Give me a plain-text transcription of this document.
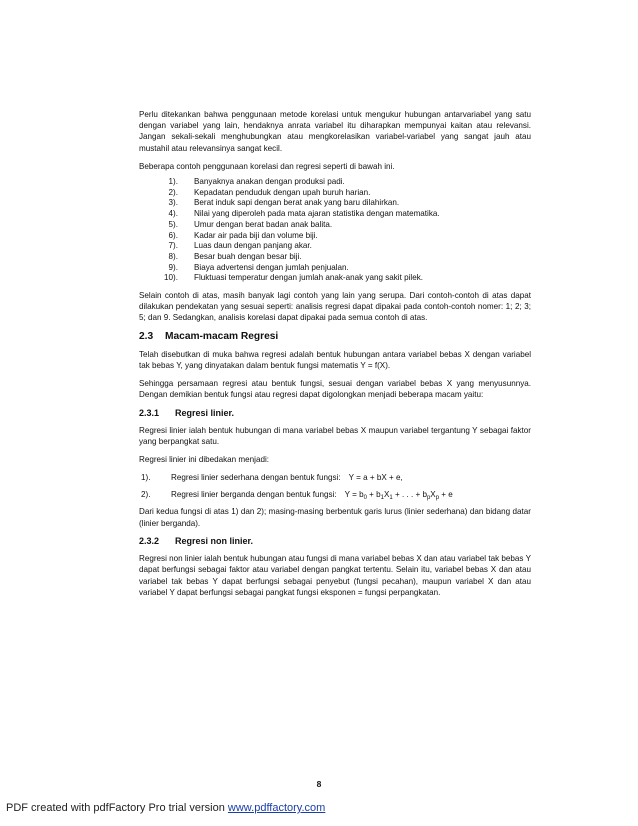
Perlu ditekankan bahwa penggunaan metode korelasi untuk mengukur hubungan antarvariabel yang satu dengan variabel yang lain, hendaknya anrata variabel itu diharapkan mempunyai kaitan atau relevansi. Jangan sekali-sekali menghubungkan atau mengkorelasikan variabel-variabel yang sangat jauh atau mustahil atau relevansinya sangat kecil.

Beberapa contoh penggunaan korelasi dan regresi seperti di bawah ini.

1).	Banyaknya anakan dengan produksi padi.
2).	Kepadatan penduduk dengan upah buruh harian.
3).	Berat induk sapi dengan berat anak yang baru dilahirkan.
4).	Nilai yang diperoleh pada mata ajaran statistika dengan matematika.
5).	Umur dengan berat badan anak balita.
6).	Kadar air pada biji dan volume biji.
7).	Luas daun dengan panjang akar.
8).	Besar buah dengan besar biji.
9).	Biaya advertensi dengan jumlah penjualan.
10).	Fluktuasi temperatur dengan jumlah anak-anak yang sakit pilek.

Selain contoh di atas, masih banyak lagi contoh yang lain yang serupa. Dari contoh-contoh di atas dapat dilakukan pendekatan yang sesuai seperti: analisis regresi dapat dipakai pada contoh-contoh nomer: 1; 2; 3; 5; dan 9. Sedangkan, analisis korelasi dapat dipakai pada semua contoh di atas.

2.3	Macam-macam Regresi

Telah disebutkan di muka bahwa regresi adalah bentuk hubungan antara variabel bebas X dengan variabel tak bebas Y, yang dinyatakan dalam bentuk fungsi matematis Y = f(X).

Sehingga persamaan regresi atau bentuk fungsi, sesuai dengan variabel bebas X yang menyusunnya. Dengan demikian bentuk fungsi atau regresi dapat digolongkan menjadi beberapa macam yaitu:

2.3.1	Regresi linier.

Regresi linier ialah bentuk hubungan di mana variabel bebas X maupun variabel tergantung Y sebagai faktor yang berpangkat satu.

Regresi linier ini dibedakan menjadi:

1).	Regresi linier sederhana dengan bentuk fungsi: Y = a + bX + e,
2).	Regresi linier berganda dengan bentuk fungsi: $Y = b_0 + b_1X_1$ + . . . + $b_pX_p + e$

Dari kedua fungsi di atas 1) dan 2); masing-masing berbentuk garis lurus (linier sederhana) dan bidang datar (linier berganda).

2.3.2	Regresi non linier.

Regresi non linier ialah bentuk hubungan atau fungsi di mana variabel bebas X dan atau variabel tak bebas Y dapat berfungsi sebagai faktor atau variabel dengan pangkat tertentu. Selain itu, variabel bebas X dan atau variabel tak bebas Y dapat berfungsi sebagai penyebut (fungsi pecahan), maupun variabel X dan atau variabel Y dapat berfungsi sebagai pangkat fungsi eksponen = fungsi perpangkatan.

8
PDF created with pdfFactory Pro trial version www.pdffactory.com
